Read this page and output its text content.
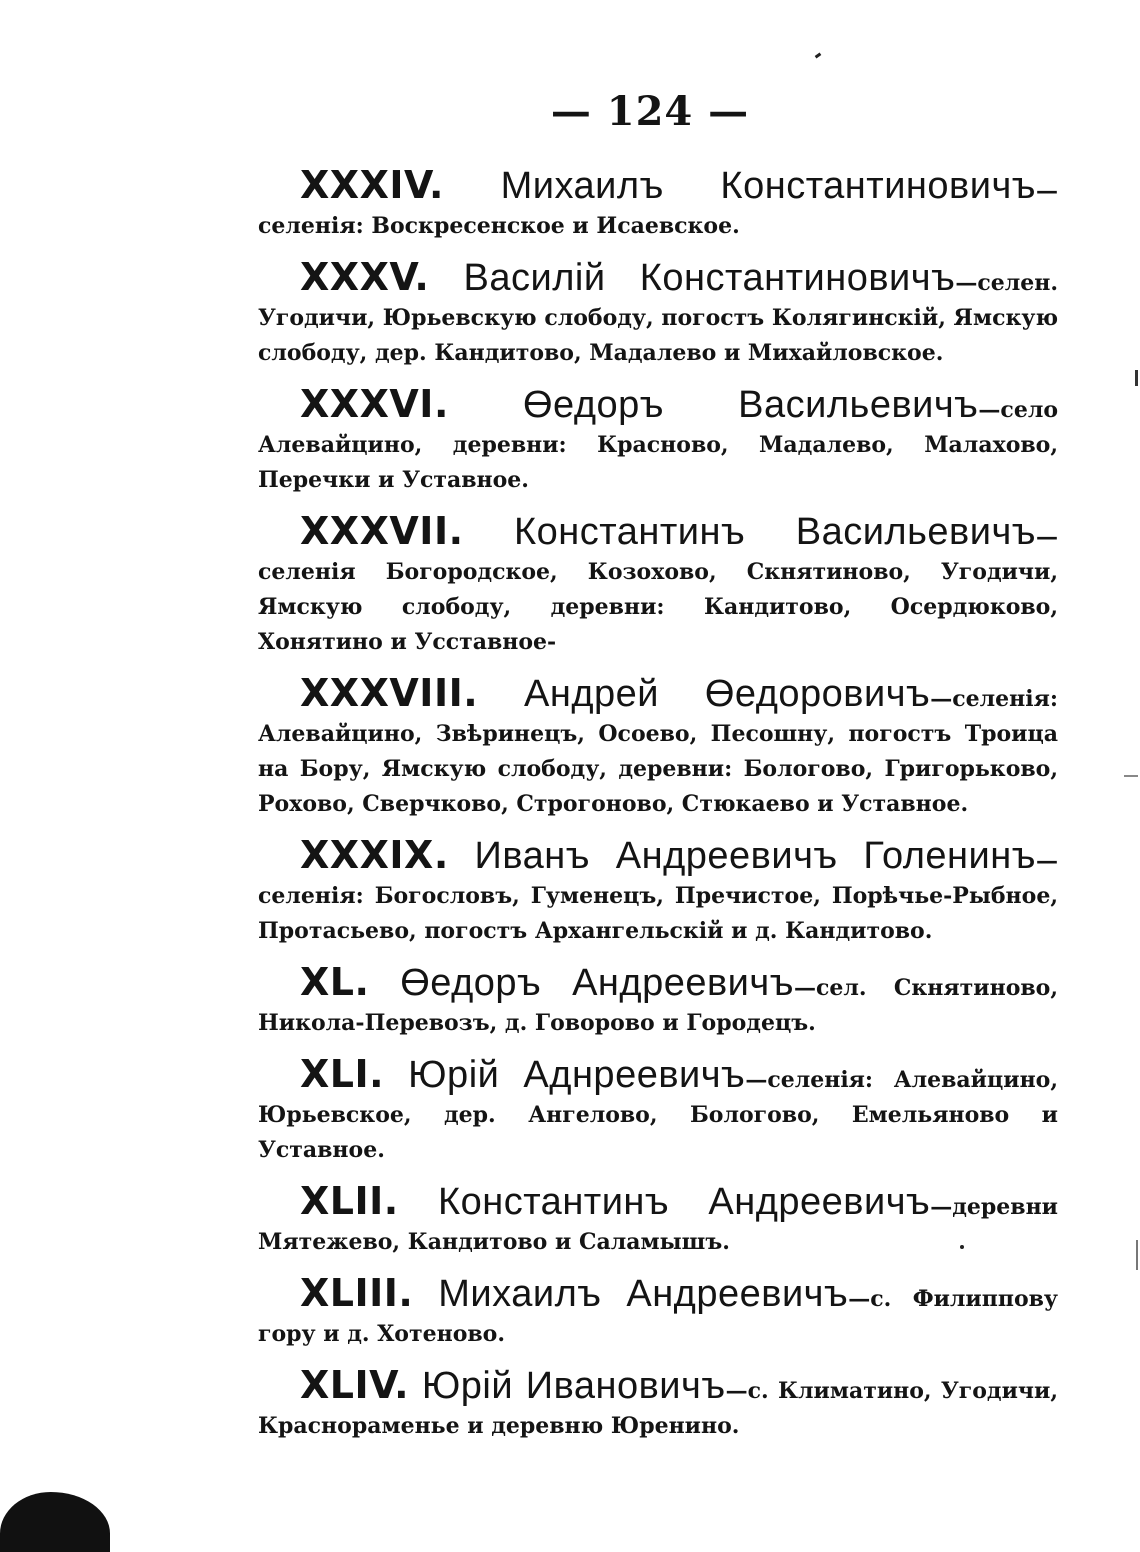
— 124 —

XXXIV. Михаилъ Константиновичъ—селенія: Воскресенское и Исаевское.

XXXV. Василій Константиновичъ—селен. Угодичи, Юрьевскую слободу, погостъ Колягинскій, Ямскую слободу, дер. Кандитово, Мадалево и Михайловское.

XXXVI. Өедоръ Васильевичъ—село Алевайцино, деревни: Красново, Мадалево, Малахово, Перечки и Уставное.

XXXVII. Константинъ Васильевичъ—селенія Богородское, Козохово, Скнятиново, Угодичи, Ямскую слободу, деревни: Кандитово, Осердюково, Хонятино и Усставное-

XXXVIII. Андрей Өедоровичъ—селенія: Алевайцино, Звѣринецъ, Осоево, Песошну, погостъ Троица на Бору, Ямскую слободу, деревни: Бологово, Григорьково, Рохово, Сверчково, Строгоново, Стюкаево и Уставное.

XXXIX. Иванъ Андреевичъ Голенинъ—селенія: Богословъ, Гуменецъ, Пречистое, Порѣчье-Рыбное, Протасьево, погостъ Архангельскій и д. Кандитово.

XL. Өедоръ Андреевичъ—сел. Скнятиново, Никола-Перевозъ, д. Говорово и Городецъ.

XLI. Юрій Аднреевичъ—селенія: Алевайцино, Юрьевское, дер. Ангелово, Бологово, Емельяново и Уставное.

XLII. Константинъ Андреевичъ—деревни Мятежево, Кандитово и Саламышъ.

XLIII. Михаилъ Андреевичъ—с. Филиппову гору и д. Хотеново.

XLIV. Юрій Ивановичъ—с. Климатино, Угодичи, Краснораменье и деревню Юренино.
